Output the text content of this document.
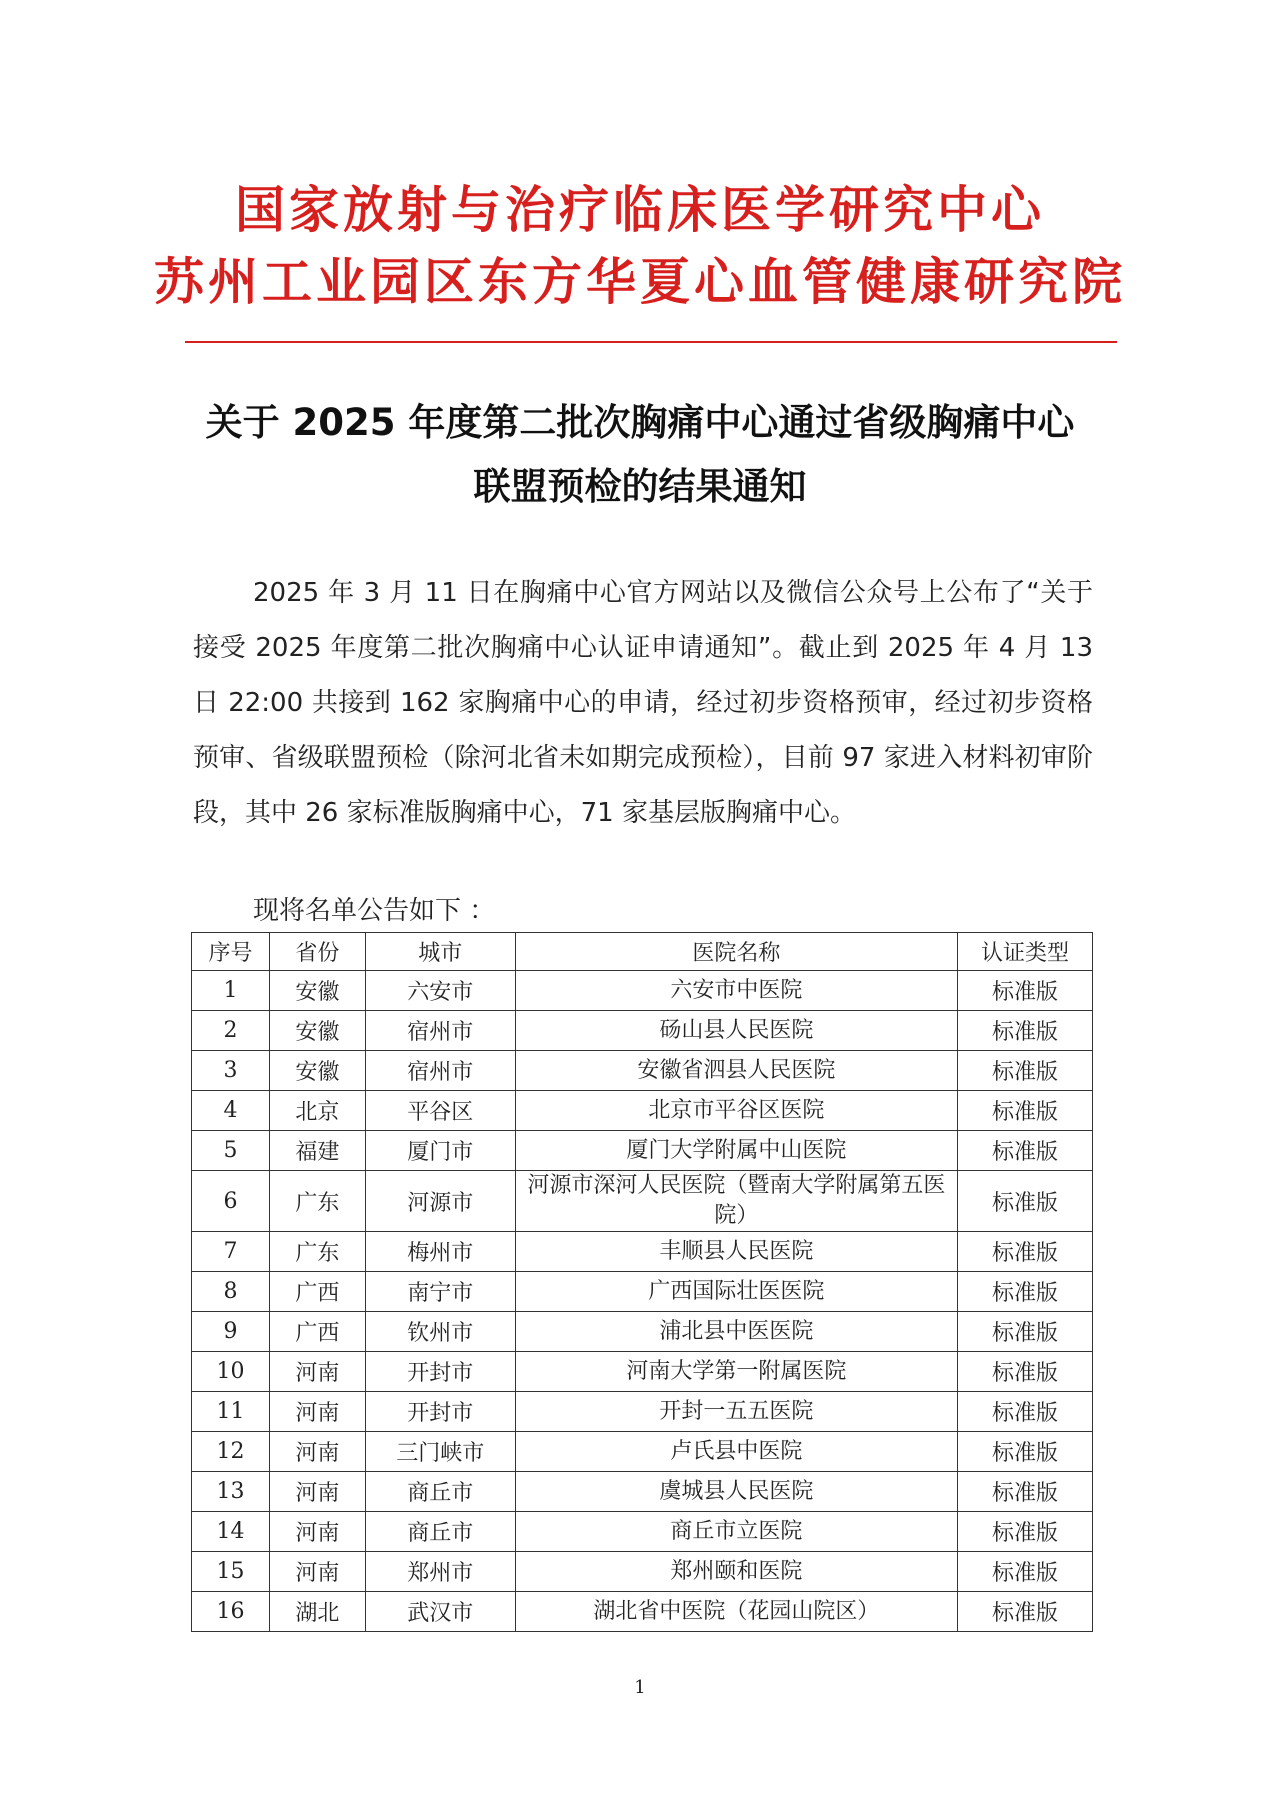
国家放射与治疗临床医学研究中心
苏州工业园区东方华夏心血管健康研究院
关于 2025 年度第二批次胸痛中心通过省级胸痛中心
联盟预检的结果通知

2025 年 3 月 11 日在胸痛中心官方网站以及微信公众号上公布了“关于接受 2025 年度第二批次胸痛中心认证申请通知”。截止到 2025 年 4 月 13 日 22:00 共接到 162 家胸痛中心的申请，经过初步资格预审，经过初步资格预审、省级联盟预检（除河北省未如期完成预检），目前 97 家进入材料初审阶段，其中 26 家标准版胸痛中心，71 家基层版胸痛中心。

现将名单公告如下 ：
序号	省份	城市	医院名称	认证类型
1	安徽	六安市	六安市中医院	标准版
2	安徽	宿州市	砀山县人民医院	标准版
3	安徽	宿州市	安徽省泗县人民医院	标准版
4	北京	平谷区	北京市平谷区医院	标准版
5	福建	厦门市	厦门大学附属中山医院	标准版
6	广东	河源市	河源市深河人民医院（暨南大学附属第五医院）	标准版
7	广东	梅州市	丰顺县人民医院	标准版
8	广西	南宁市	广西国际壮医医院	标准版
9	广西	钦州市	浦北县中医医院	标准版
10	河南	开封市	河南大学第一附属医院	标准版
11	河南	开封市	开封一五五医院	标准版
12	河南	三门峡市	卢氏县中医院	标准版
13	河南	商丘市	虞城县人民医院	标准版
14	河南	商丘市	商丘市立医院	标准版
15	河南	郑州市	郑州颐和医院	标准版
16	湖北	武汉市	湖北省中医院（花园山院区）	标准版
1
